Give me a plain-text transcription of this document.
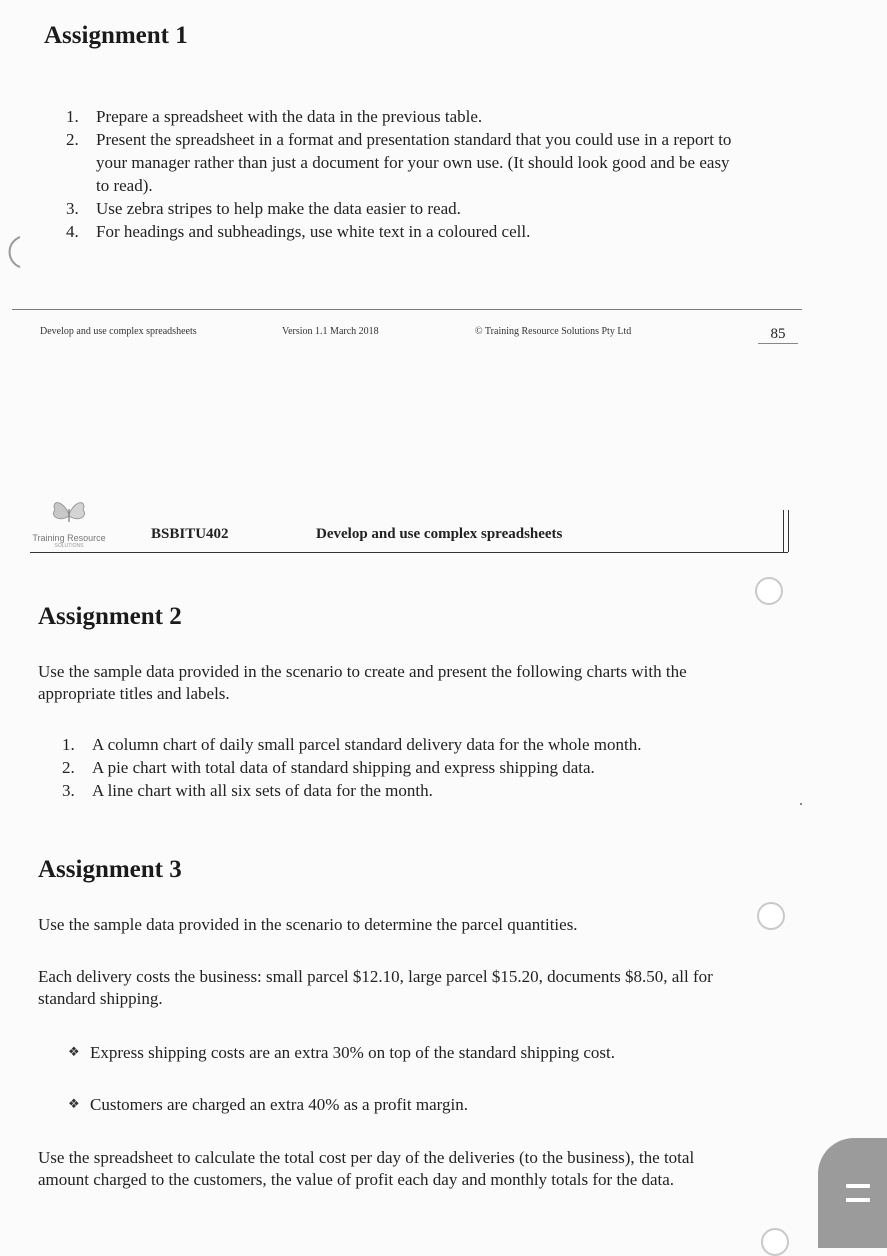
Assignment 1
1. Prepare a spreadsheet with the data in the previous table.
2. Present the spreadsheet in a format and presentation standard that you could use in a report to your manager rather than just a document for your own use. (It should look good and be easy to read).
3. Use zebra stripes to help make the data easier to read.
4. For headings and subheadings, use white text in a coloured cell.
Develop and use complex spreadsheets	Version 1.1 March 2018	© Training Resource Solutions Pty Ltd	85
Training Resource
SOLUTIONS
BSBITU402	Develop and use complex spreadsheets
Assignment 2

Use the sample data provided in the scenario to create and present the following charts with the appropriate titles and labels.

1. A column chart of daily small parcel standard delivery data for the whole month.
2. A pie chart with total data of standard shipping and express shipping data.
3. A line chart with all six sets of data for the month.
Assignment 3

Use the sample data provided in the scenario to determine the parcel quantities.

Each delivery costs the business: small parcel $12.10, large parcel $15.20, documents $8.50, all for standard shipping.

❖ Express shipping costs are an extra 30% on top of the standard shipping cost.
❖ Customers are charged an extra 40% as a profit margin.

Use the spreadsheet to calculate the total cost per day of the deliveries (to the business), the total amount charged to the customers, the value of profit each day and monthly totals for the data.
